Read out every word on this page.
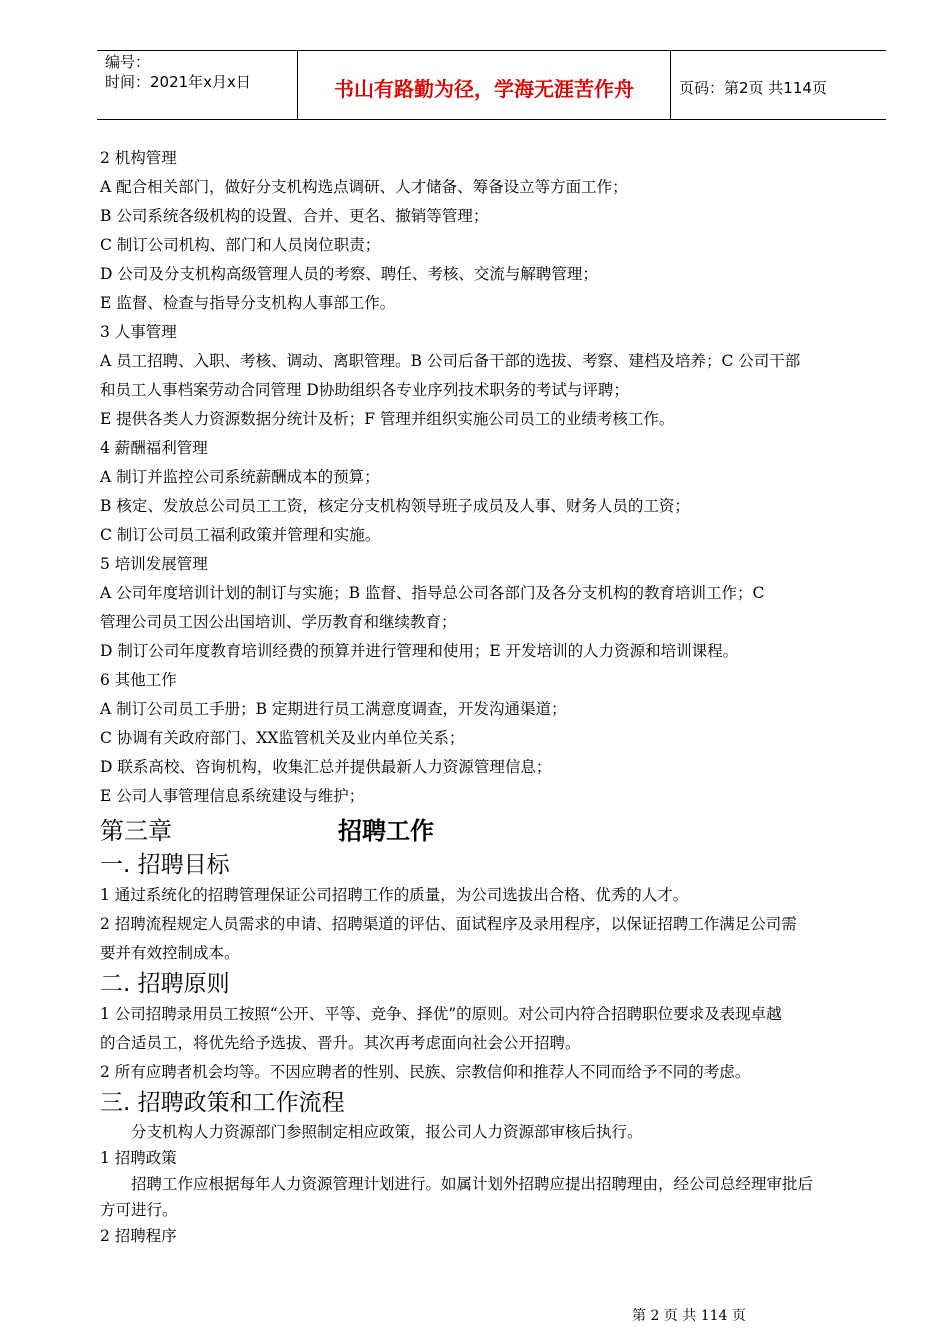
编号：
时间：2021年x月x日	书山有路勤为径，学海无涯苦作舟	页码：第2页 共114页

2 机构管理

A 配合相关部门，做好分支机构选点调研、人才储备、筹备设立等方面工作；

B 公司系统各级机构的设置、合并、更名、撤销等管理；

C 制订公司机构、部门和人员岗位职责；

D 公司及分支机构高级管理人员的考察、聘任、考核、交流与解聘管理；

E 监督、检查与指导分支机构人事部工作。

3 人事管理

A 员工招聘、入职、考核、调动、离职管理。B 公司后备干部的选拔、考察、建档及培养；C 公司干部

和员工人事档案劳动合同管理 D协助组织各专业序列技术职务的考试与评聘；

E 提供各类人力资源数据分统计及析；F 管理并组织实施公司员工的业绩考核工作。

4 薪酬福利管理

A 制订并监控公司系统薪酬成本的预算；

B 核定、发放总公司员工工资，核定分支机构领导班子成员及人事、财务人员的工资；

C 制订公司员工福利政策并管理和实施。

5 培训发展管理

A 公司年度培训计划的制订与实施；B 监督、指导总公司各部门及各分支机构的教育培训工作；C

管理公司员工因公出国培训、学历教育和继续教育；

D 制订公司年度教育培训经费的预算并进行管理和使用；E 开发培训的人力资源和培训课程。

6 其他工作

A 制订公司员工手册；B 定期进行员工满意度调查，开发沟通渠道；

C 协调有关政府部门、XX监管机关及业内单位关系；

D 联系高校、咨询机构，收集汇总并提供最新人力资源管理信息；

E 公司人事管理信息系统建设与维护；

第三章	招聘工作

一. 招聘目标

1 通过系统化的招聘管理保证公司招聘工作的质量，为公司选拔出合格、优秀的人才。

2 招聘流程规定人员需求的申请、招聘渠道的评估、面试程序及录用程序，以保证招聘工作满足公司需

要并有效控制成本。

二. 招聘原则

1 公司招聘录用员工按照“公开、平等、竞争、择优”的原则。对公司内符合招聘职位要求及表现卓越

的合适员工，将优先给予选拔、晋升。其次再考虑面向社会公开招聘。

2 所有应聘者机会均等。不因应聘者的性别、民族、宗教信仰和推荐人不同而给予不同的考虑。

三. 招聘政策和工作流程

分支机构人力资源部门参照制定相应政策，报公司人力资源部审核后执行。

1 招聘政策

招聘工作应根据每年人力资源管理计划进行。如属计划外招聘应提出招聘理由，经公司总经理审批后

方可进行。

2 招聘程序

第 2 页 共 114 页
